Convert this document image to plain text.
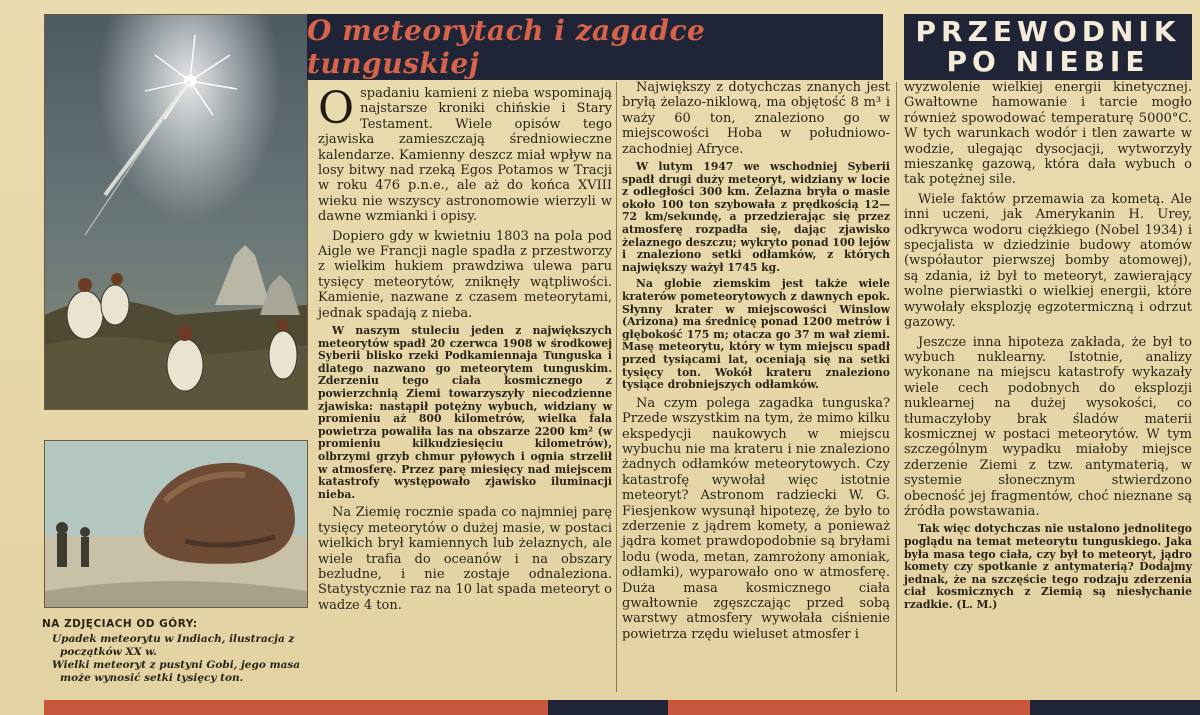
NA ZDJĘCIACH OD GÓRY:
Upadek meteorytu w Indiach, ilustracja z początków XX w.
Wielki meteoryt z pustyni Gobi, jego masa może wynosić setki tysięcy ton.
O meteorytach i zagadce tunguskiej
PRZEWODNIK
PO NIEBIE

Ospadaniu kamieni z nieba wspominają najstarsze kroniki chińskie i Stary Testament. Wiele opisów tego zjawiska zamieszczają średniowieczne kalendarze. Kamienny deszcz miał wpływ na losy bitwy nad rzeką Egos Potamos w Tracji w roku 476 p.n.e., ale aż do końca XVIII wieku nie wszyscy astronomowie wierzyli w dawne wzmianki i opisy.

Dopiero gdy w kwietniu 1803 na pola pod Aigle we Francji nagle spadła z przestworzy z wielkim hukiem prawdziwa ulewa paru tysięcy meteorytów, zniknęły wątpliwości. Kamienie, nazwane z czasem meteorytami, jednak spadają z nieba.

W naszym stuleciu jeden z największych meteorytów spadł 20 czerwca 1908 w środkowej Syberii blisko rzeki Podkamiennaja Tunguska i dlatego nazwano go meteorytem tunguskim. Zderzeniu tego ciała kosmicznego z powierzchnią Ziemi towarzyszyły niecodzienne zjawiska: nastąpił potężny wybuch, widziany w promieniu aż 800 kilometrów, wielka fala powietrza powaliła las na obszarze 2200 km² (w promieniu kilkudziesięciu kilometrów), olbrzymi grzyb chmur pyłowych i ognia strzelił w atmosferę. Przez parę miesięcy nad miejscem katastrofy występowało zjawisko iluminacji nieba.

Na Ziemię rocznie spada co najmniej parę tysięcy meteorytów o dużej masie, w postaci wielkich brył kamiennych lub żelaznych, ale wiele trafia do oceanów i na obszary bezludne, i nie zostaje odnaleziona. Statystycznie raz na 10 lat spada meteoryt o wadze 4 ton.

Największy z dotychczas znanych jest bryłą żelazo-niklową, ma objętość 8 m³ i waży 60 ton, znaleziono go w miejscowości Hoba w południowo-zachodniej Afryce.

W lutym 1947 we wschodniej Syberii spadł drugi duży meteoryt, widziany w locie z odległości 300 km. Żelazna bryła o masie około 100 ton szybowała z prędkością 12—72 km/sekundę, a przedzierając się przez atmosferę rozpadła się, dając zjawisko żelaznego deszczu; wykryto ponad 100 lejów i znaleziono setki odłamków, z których największy ważył 1745 kg.

Na globie ziemskim jest także wiele kraterów pometeorytowych z dawnych epok. Słynny krater w miejscowości Winslow (Arizona) ma średnicę ponad 1200 metrów i głębokość 175 m; otacza go 37 m wał ziemi. Masę meteorytu, który w tym miejscu spadł przed tysiącami lat, oceniają się na setki tysięcy ton. Wokół krateru znaleziono tysiące drobniejszych odłamków.

Na czym polega zagadka tunguska? Przede wszystkim na tym, że mimo kilku ekspedycji naukowych w miejscu wybuchu nie ma krateru i nie znaleziono żadnych odłamków meteorytowych. Czy katastrofę wywołał więc istotnie meteoryt? Astronom radziecki W. G. Fiesjenkow wysunął hipotezę, że było to zderzenie z jądrem komety, a ponieważ jądra komet prawdopodobnie są bryłami lodu (woda, metan, zamrożony amoniak, odłamki), wyparowało ono w atmosferę. Duża masa kosmicznego ciała gwałtownie zgęszczając przed sobą warstwy atmosfery wywołała ciśnienie powietrza rzędu wieluset atmosfer i

wyzwolenie wielkiej energii kinetycznej. Gwałtowne hamowanie i tarcie mogło również spowodować temperaturę 5000°C. W tych warunkach wodór i tlen zawarte w wodzie, ulegając dysocjacji, wytworzyły mieszankę gazową, która dała wybuch o tak potężnej sile.

Wiele faktów przemawia za kometą. Ale inni uczeni, jak Amerykanin H. Urey, odkrywca wodoru ciężkiego (Nobel 1934) i specjalista w dziedzinie budowy atomów (współautor pierwszej bomby atomowej), są zdania, iż był to meteoryt, zawierający wolne pierwiastki o wielkiej energii, które wywołały eksplozję egzotermiczną i odrzut gazowy.

Jeszcze inna hipoteza zakłada, że był to wybuch nuklearny. Istotnie, analizy wykonane na miejscu katastrofy wykazały wiele cech podobnych do eksplozji nuklearnej na dużej wysokości, co tłumaczyłoby brak śladów materii kosmicznej w postaci meteorytów. W tym szczególnym wypadku miałoby miejsce zderzenie Ziemi z tzw. antymaterią, w systemie słonecznym stwierdzono obecność jej fragmentów, choć nieznane są źródła powstawania.

Tak więc dotychczas nie ustalono jednolitego poglądu na temat meteorytu tunguskiego. Jaka była masa tego ciała, czy był to meteoryt, jądro komety czy spotkanie z antymaterią? Dodajmy jednak, że na szczęście tego rodzaju zderzenia ciał kosmicznych z Ziemią są niesłychanie rzadkie. (L. M.)
